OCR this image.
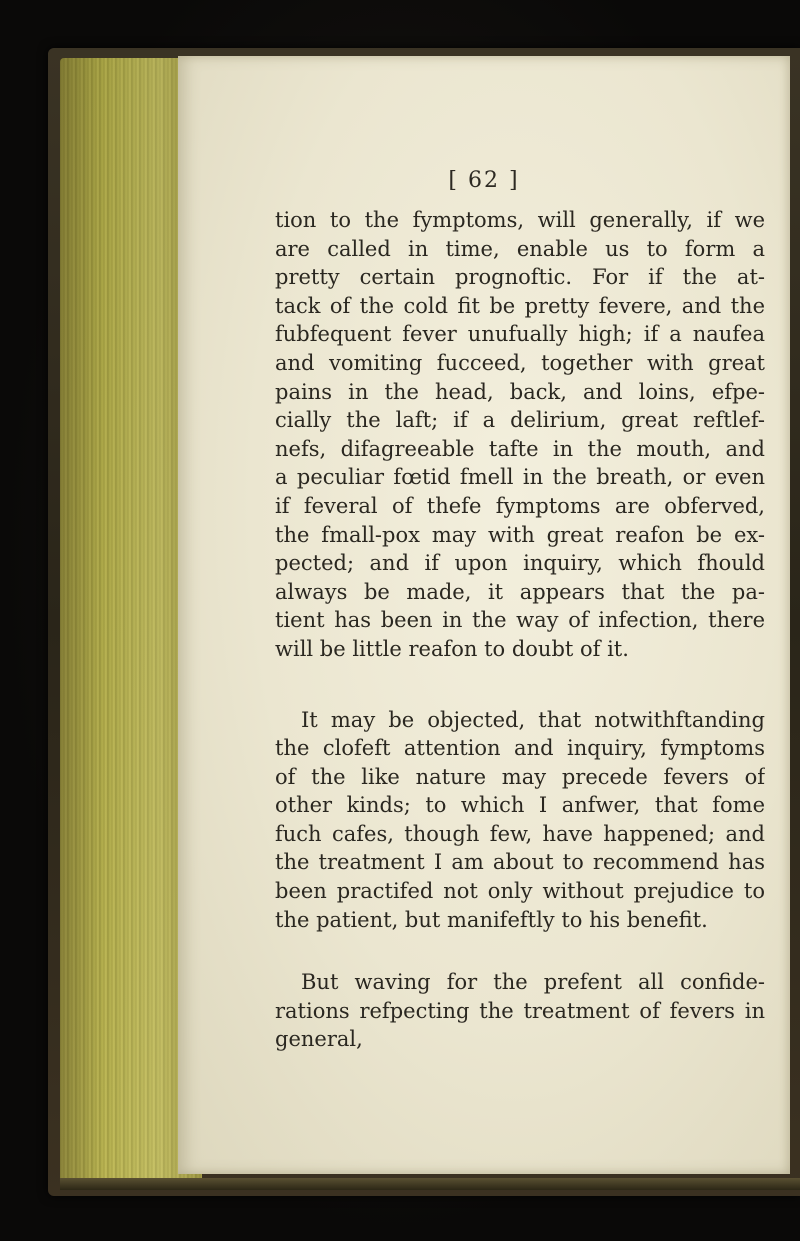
[ 62 ]

tion to the fymptoms, will generally, if we
are called in time, enable us to form a
pretty certain prognoftic. For if the at-
tack of the cold fit be pretty fevere, and the
fubfequent fever unufually high; if a naufea
and vomiting fucceed, together with great
pains in the head, back, and loins, efpe-
cially the laft; if a delirium, great reftlef-
nefs, difagreeable tafte in the mouth, and
a peculiar fœtid fmell in the breath, or even
if feveral of thefe fymptoms are obferved,
the fmall-pox may with great reafon be ex-
pected; and if upon inquiry, which fhould
always be made, it appears that the pa-
tient has been in the way of infection, there
will be little reafon to doubt of it.

It may be objected, that notwithftanding
the clofeft attention and inquiry, fymptoms
of the like nature may precede fevers of
other kinds; to which I anfwer, that fome
fuch cafes, though few, have happened; and
the treatment I am about to recommend has
been practifed not only without prejudice to
the patient, but manifeftly to his benefit.

But waving for the prefent all confide-
rations refpecting the treatment of fevers in
general,
